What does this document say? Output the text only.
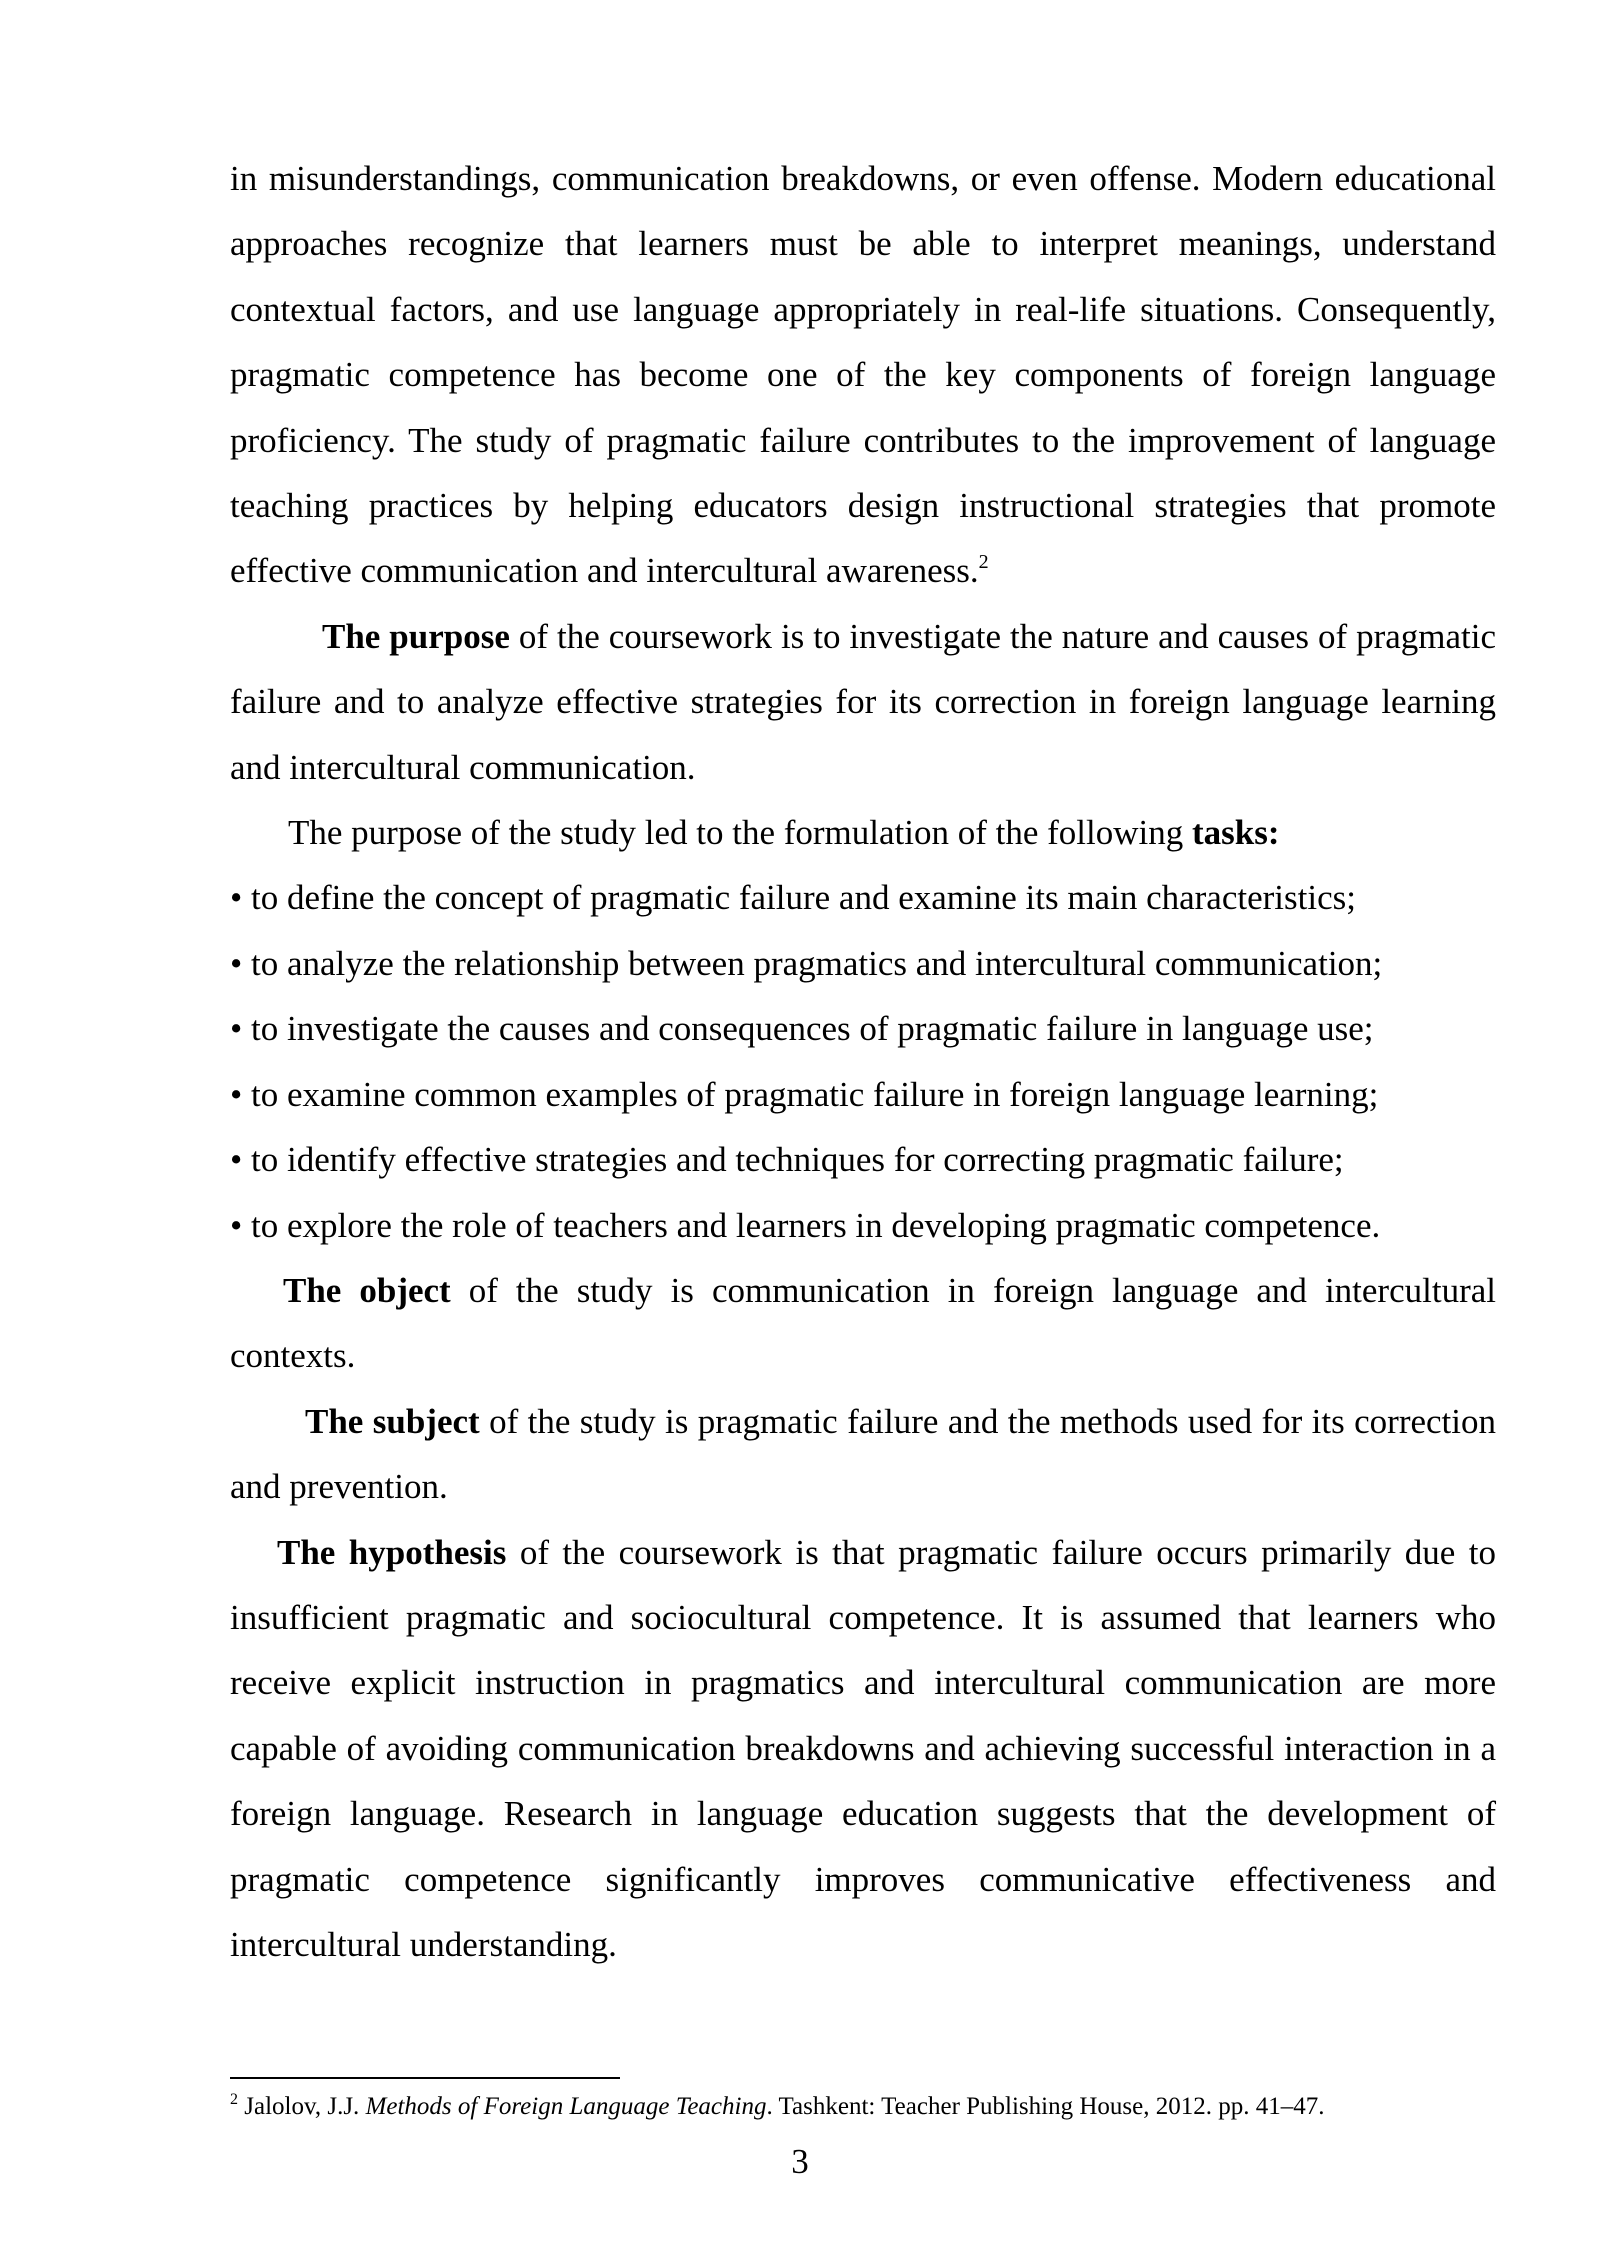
in misunderstandings, communication breakdowns, or even offense. Modern educational approaches recognize that learners must be able to interpret meanings, understand contextual factors, and use language appropriately in real-life situations. Consequently, pragmatic competence has become one of the key components of foreign language proficiency. The study of pragmatic failure contributes to the improvement of language teaching practices by helping educators design instructional strategies that promote effective communication and intercultural awareness.$^2$

The purpose of the coursework is to investigate the nature and causes of pragmatic failure and to analyze effective strategies for its correction in foreign language learning and intercultural communication.

The purpose of the study led to the formulation of the following tasks:

• to define the concept of pragmatic failure and examine its main characteristics;

• to analyze the relationship between pragmatics and intercultural communication;

• to investigate the causes and consequences of pragmatic failure in language use;

• to examine common examples of pragmatic failure in foreign language learning;

• to identify effective strategies and techniques for correcting pragmatic failure;

• to explore the role of teachers and learners in developing pragmatic competence.

The object of the study is communication in foreign language and intercultural contexts.

The subject of the study is pragmatic failure and the methods used for its correction and prevention.

The hypothesis of the coursework is that pragmatic failure occurs primarily due to insufficient pragmatic and sociocultural competence. It is assumed that learners who receive explicit instruction in pragmatics and intercultural communication are more capable of avoiding communication breakdowns and achieving successful interaction in a foreign language. Research in language education suggests that the development of pragmatic competence significantly improves communicative effectiveness and intercultural understanding.

$^2$ Jalolov, J.J. Methods of Foreign Language Teaching. Tashkent: Teacher Publishing House, 2012. pp. 41–47.
3
